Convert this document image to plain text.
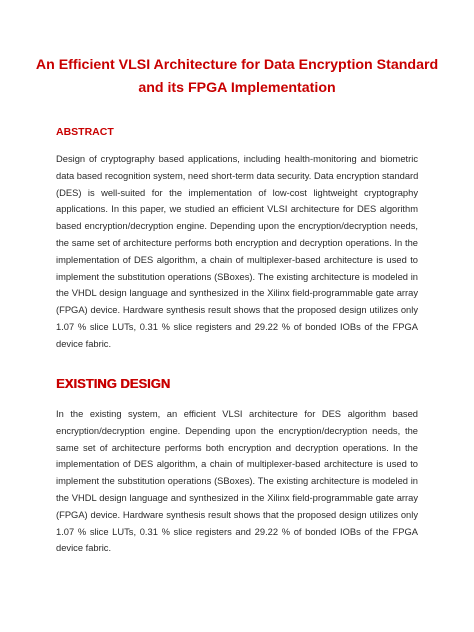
An Efficient VLSI Architecture for Data Encryption Standard
and its FPGA Implementation
ABSTRACT
Design of cryptography based applications, including health-monitoring and biometric
data based recognition system, need short-term data security. Data encryption standard
(DES) is well-suited for the implementation of low-cost lightweight cryptography
applications. In this paper, we studied an efficient VLSI architecture for DES algorithm
based encryption/decryption engine. Depending upon the encryption/decryption needs,
the same set of architecture performs both encryption and decryption operations. In the
implementation of DES algorithm, a chain of multiplexer-based architecture is used to
implement the substitution operations (SBoxes). The existing architecture is modeled in
the VHDL design language and synthesized in the Xilinx field-programmable gate array
(FPGA) device. Hardware synthesis result shows that the proposed design utilizes only
1.07 % slice LUTs, 0.31 % slice registers and 29.22 % of bonded IOBs of the FPGA
device fabric.
EXISTING DESIGN
In the existing system, an efficient VLSI architecture for DES algorithm based
encryption/decryption engine. Depending upon the encryption/decryption needs, the
same set of architecture performs both encryption and decryption operations. In the
implementation of DES algorithm, a chain of multiplexer-based architecture is used to
implement the substitution operations (SBoxes). The existing architecture is modeled in
the VHDL design language and synthesized in the Xilinx field-programmable gate array
(FPGA) device. Hardware synthesis result shows that the proposed design utilizes only
1.07 % slice LUTs, 0.31 % slice registers and 29.22 % of bonded IOBs of the FPGA
device fabric.
